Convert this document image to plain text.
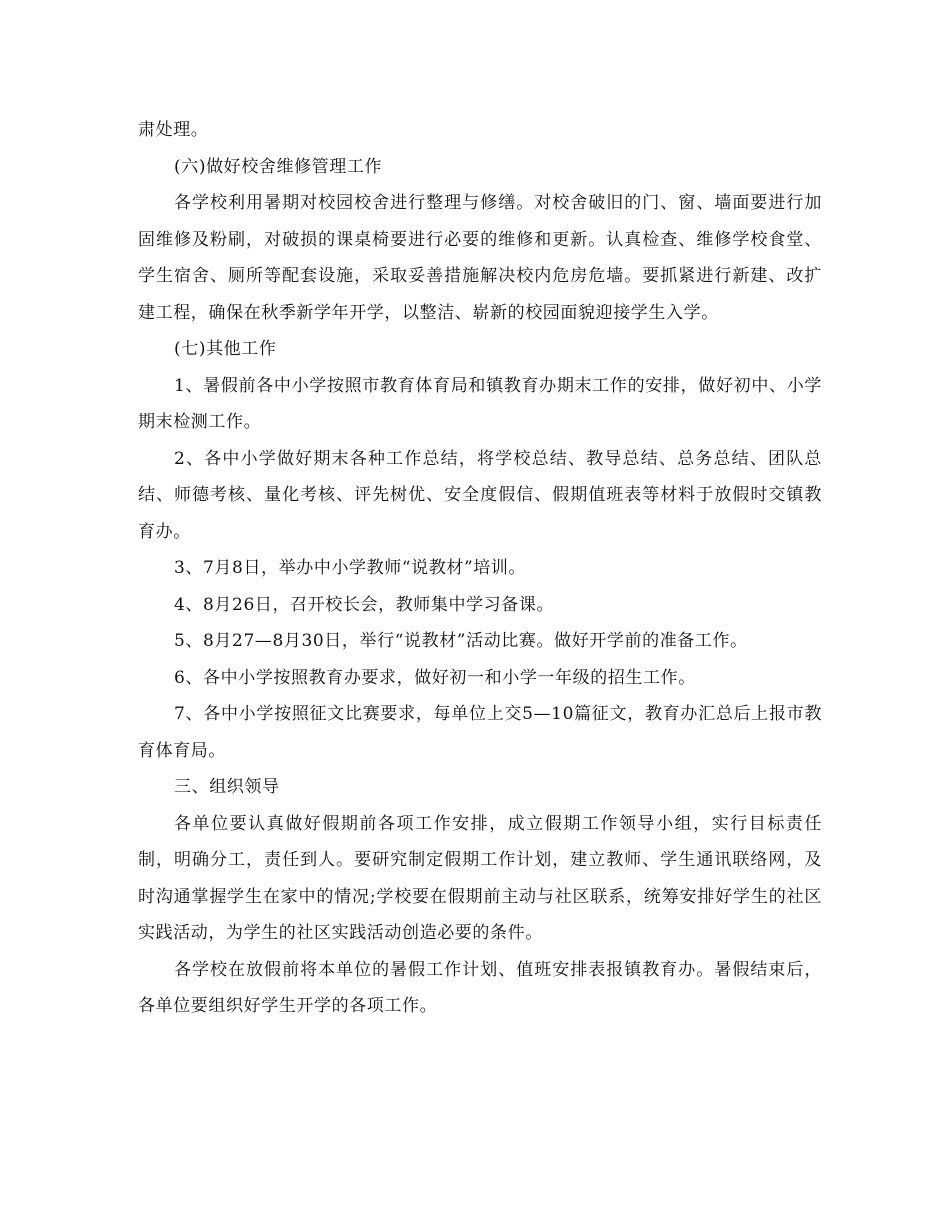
肃处理。

(六)做好校舍维修管理工作

各学校利用暑期对校园校舍进行整理与修缮。对校舍破旧的门、窗、墙面要进行加固维修及粉刷，对破损的课桌椅要进行必要的维修和更新。认真检查、维修学校食堂、学生宿舍、厕所等配套设施，采取妥善措施解决校内危房危墙。要抓紧进行新建、改扩建工程，确保在秋季新学年开学，以整洁、崭新的校园面貌迎接学生入学。

(七)其他工作

1、暑假前各中小学按照市教育体育局和镇教育办期末工作的安排，做好初中、小学期末检测工作。

2、各中小学做好期末各种工作总结，将学校总结、教导总结、总务总结、团队总结、师德考核、量化考核、评先树优、安全度假信、假期值班表等材料于放假时交镇教育办。

3、7月8日，举办中小学教师“说教材”培训。

4、8月26日，召开校长会，教师集中学习备课。

5、8月27—8月30日，举行“说教材”活动比赛。做好开学前的准备工作。

6、各中小学按照教育办要求，做好初一和小学一年级的招生工作。

7、各中小学按照征文比赛要求，每单位上交5—10篇征文，教育办汇总后上报市教育体育局。

三、组织领导

各单位要认真做好假期前各项工作安排，成立假期工作领导小组，实行目标责任制，明确分工，责任到人。要研究制定假期工作计划，建立教师、学生通讯联络网，及时沟通掌握学生在家中的情况;学校要在假期前主动与社区联系，统筹安排好学生的社区实践活动，为学生的社区实践活动创造必要的条件。

各学校在放假前将本单位的暑假工作计划、值班安排表报镇教育办。暑假结束后，各单位要组织好学生开学的各项工作。
